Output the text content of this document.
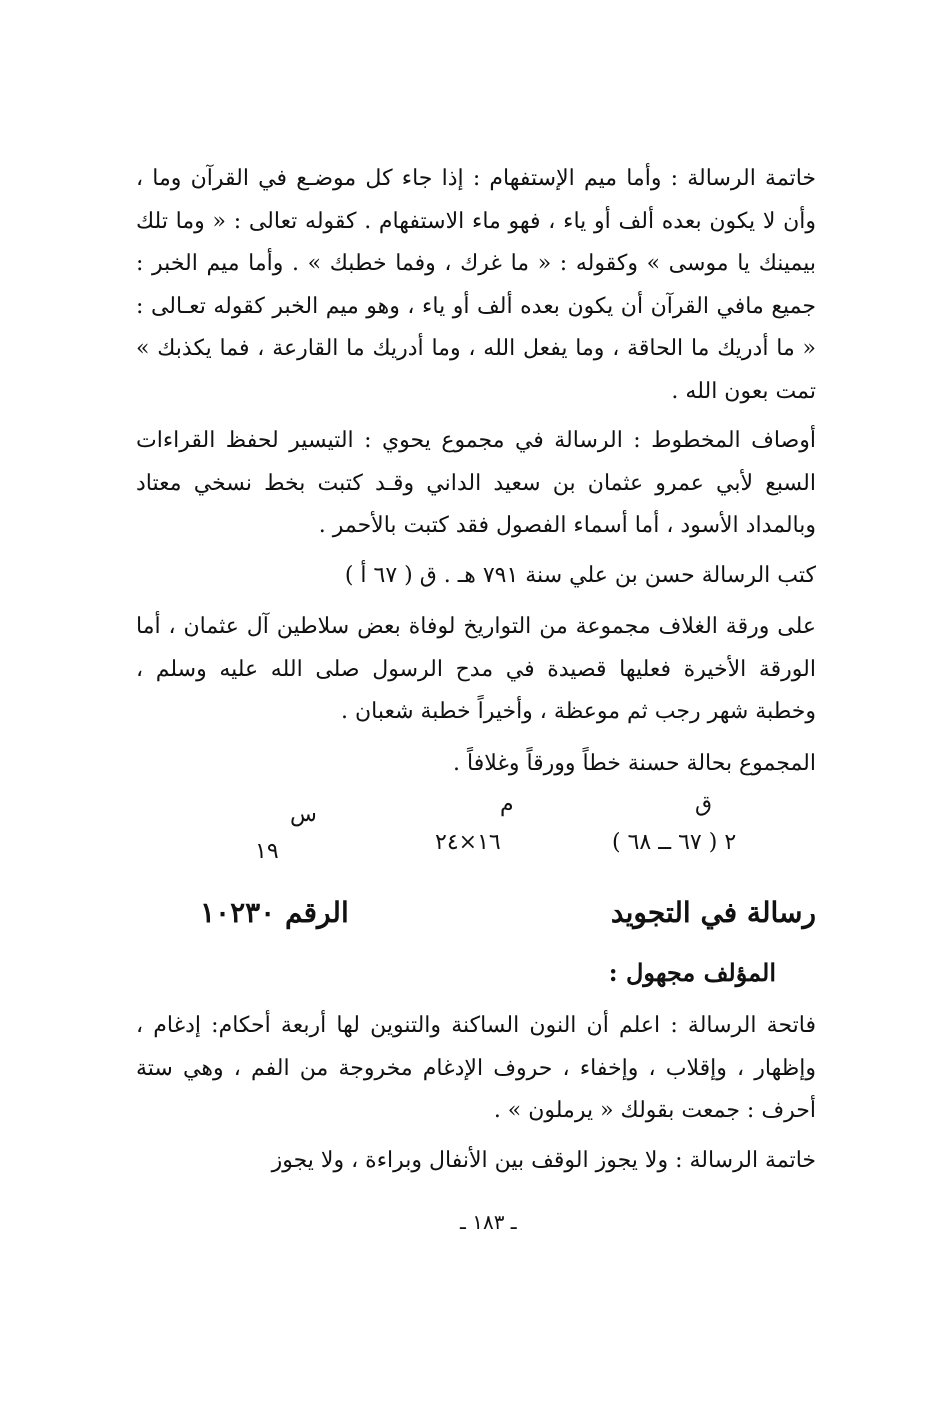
خاتمة الرسالة : وأما ميم الإستفهام : إذا جاء كل موضـع في القرآن وما ، وأن لا يكون بعده ألف أو ياء ، فهو ماء الاستفهام . كقوله تعالى : « وما تلك بيمينك يا موسى » وكقوله : « ما غرك ، وفما خطبك » . وأما ميم الخبر : جميع مافي القرآن أن يكون بعده ألف أو ياء ، وهو ميم الخبر كقوله تعـالى : « ما أدريك ما الحاقة ، وما يفعل الله ، وما أدريك ما القارعة ، فما يكذبك » تمت بعون الله .

أوصاف المخطوط : الرسالة في مجموع يحوي : التيسير لحفظ القراءات السبع لأبي عمرو عثمان بن سعيد الداني وقـد كتبت بخط نسخي معتاد وبالمداد الأسود ، أما أسماء الفصول فقد كتبت بالأحمر .

كتب الرسالة حسن بن علي سنة ٧٩١ هـ . ق ( ٦٧ أ )

على ورقة الغلاف مجموعة من التواريخ لوفاة بعض سلاطين آل عثمان ، أما الورقة الأخيرة فعليها قصيدة في مدح الرسول صلى الله عليه وسلم ، وخطبة شهر رجب ثم موعظة ، وأخيراً خطبة شعبان .

المجموع بحالة حسنة خطاً وورقاً وغلافاً .

ق
م
س
٢ ( ٦٧ ــ ٦٨ )
١٦×٢٤
١٩
رسالة في التجويد
الرقم ١٠٢٣٠
المؤلف مجهول :

فاتحة الرسالة : اعلم أن النون الساكنة والتنوين لها أربعة أحكام: إدغام ، وإظهار ، وإقلاب ، وإخفاء ، حروف الإدغام مخروجة من الفم ، وهي ستة أحرف : جمعت بقولك « يرملون » .

خاتمة الرسالة : ولا يجوز الوقف بين الأنفال وبراءة ، ولا يجوز

ـ ١٨٣ ـ
